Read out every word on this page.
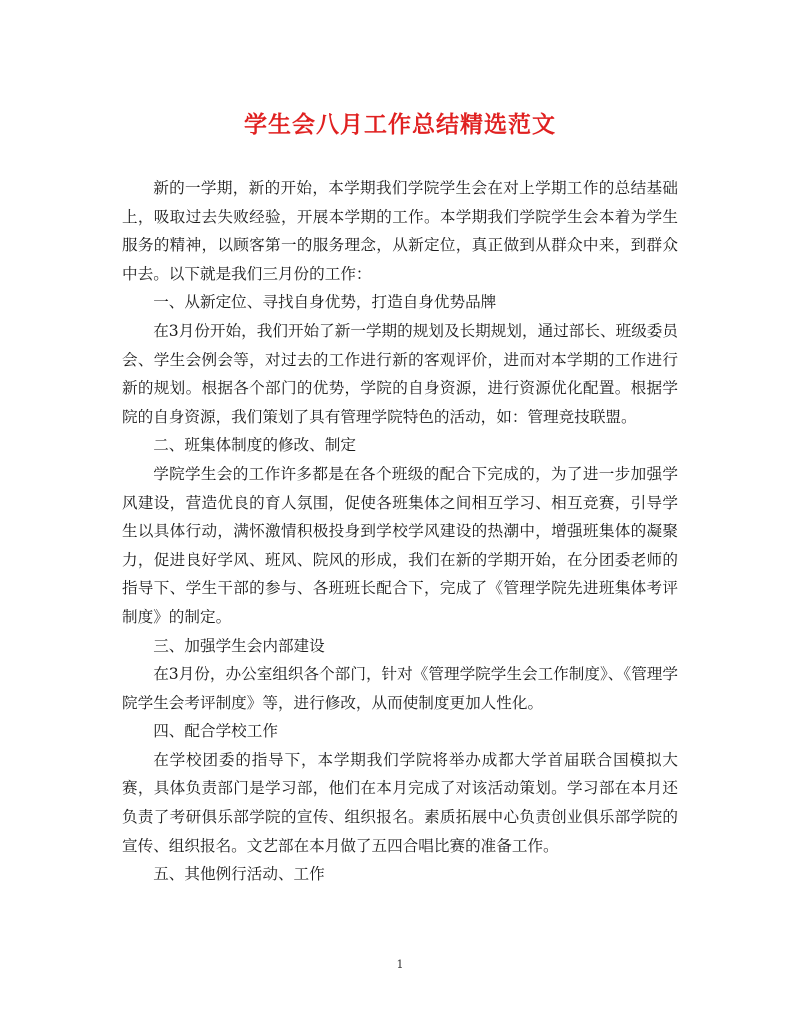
学生会八月工作总结精选范文

新的一学期，新的开始，本学期我们学院学生会在对上学期工作的总结基础上，吸取过去失败经验，开展本学期的工作。本学期我们学院学生会本着为学生服务的精神，以顾客第一的服务理念，从新定位，真正做到从群众中来，到群众中去。以下就是我们三月份的工作：

一、从新定位、寻找自身优势，打造自身优势品牌

在3月份开始，我们开始了新一学期的规划及长期规划，通过部长、班级委员会、学生会例会等，对过去的工作进行新的客观评价，进而对本学期的工作进行新的规划。根据各个部门的优势，学院的自身资源，进行资源优化配置。根据学院的自身资源，我们策划了具有管理学院特色的活动，如：管理竞技联盟。

二、班集体制度的修改、制定

学院学生会的工作许多都是在各个班级的配合下完成的，为了进一步加强学风建设，营造优良的育人氛围，促使各班集体之间相互学习、相互竞赛，引导学生以具体行动，满怀激情积极投身到学校学风建设的热潮中，增强班集体的凝聚力，促进良好学风、班风、院风的形成，我们在新的学期开始，在分团委老师的指导下、学生干部的参与、各班班长配合下，完成了《管理学院先进班集体考评制度》的制定。

三、加强学生会内部建设

在3月份，办公室组织各个部门，针对《管理学院学生会工作制度》、《管理学院学生会考评制度》等，进行修改，从而使制度更加人性化。

四、配合学校工作

在学校团委的指导下，本学期我们学院将举办成都大学首届联合国模拟大赛，具体负责部门是学习部，他们在本月完成了对该活动策划。学习部在本月还负责了考研俱乐部学院的宣传、组织报名。素质拓展中心负责创业俱乐部学院的宣传、组织报名。文艺部在本月做了五四合唱比赛的准备工作。

五、其他例行活动、工作

1
